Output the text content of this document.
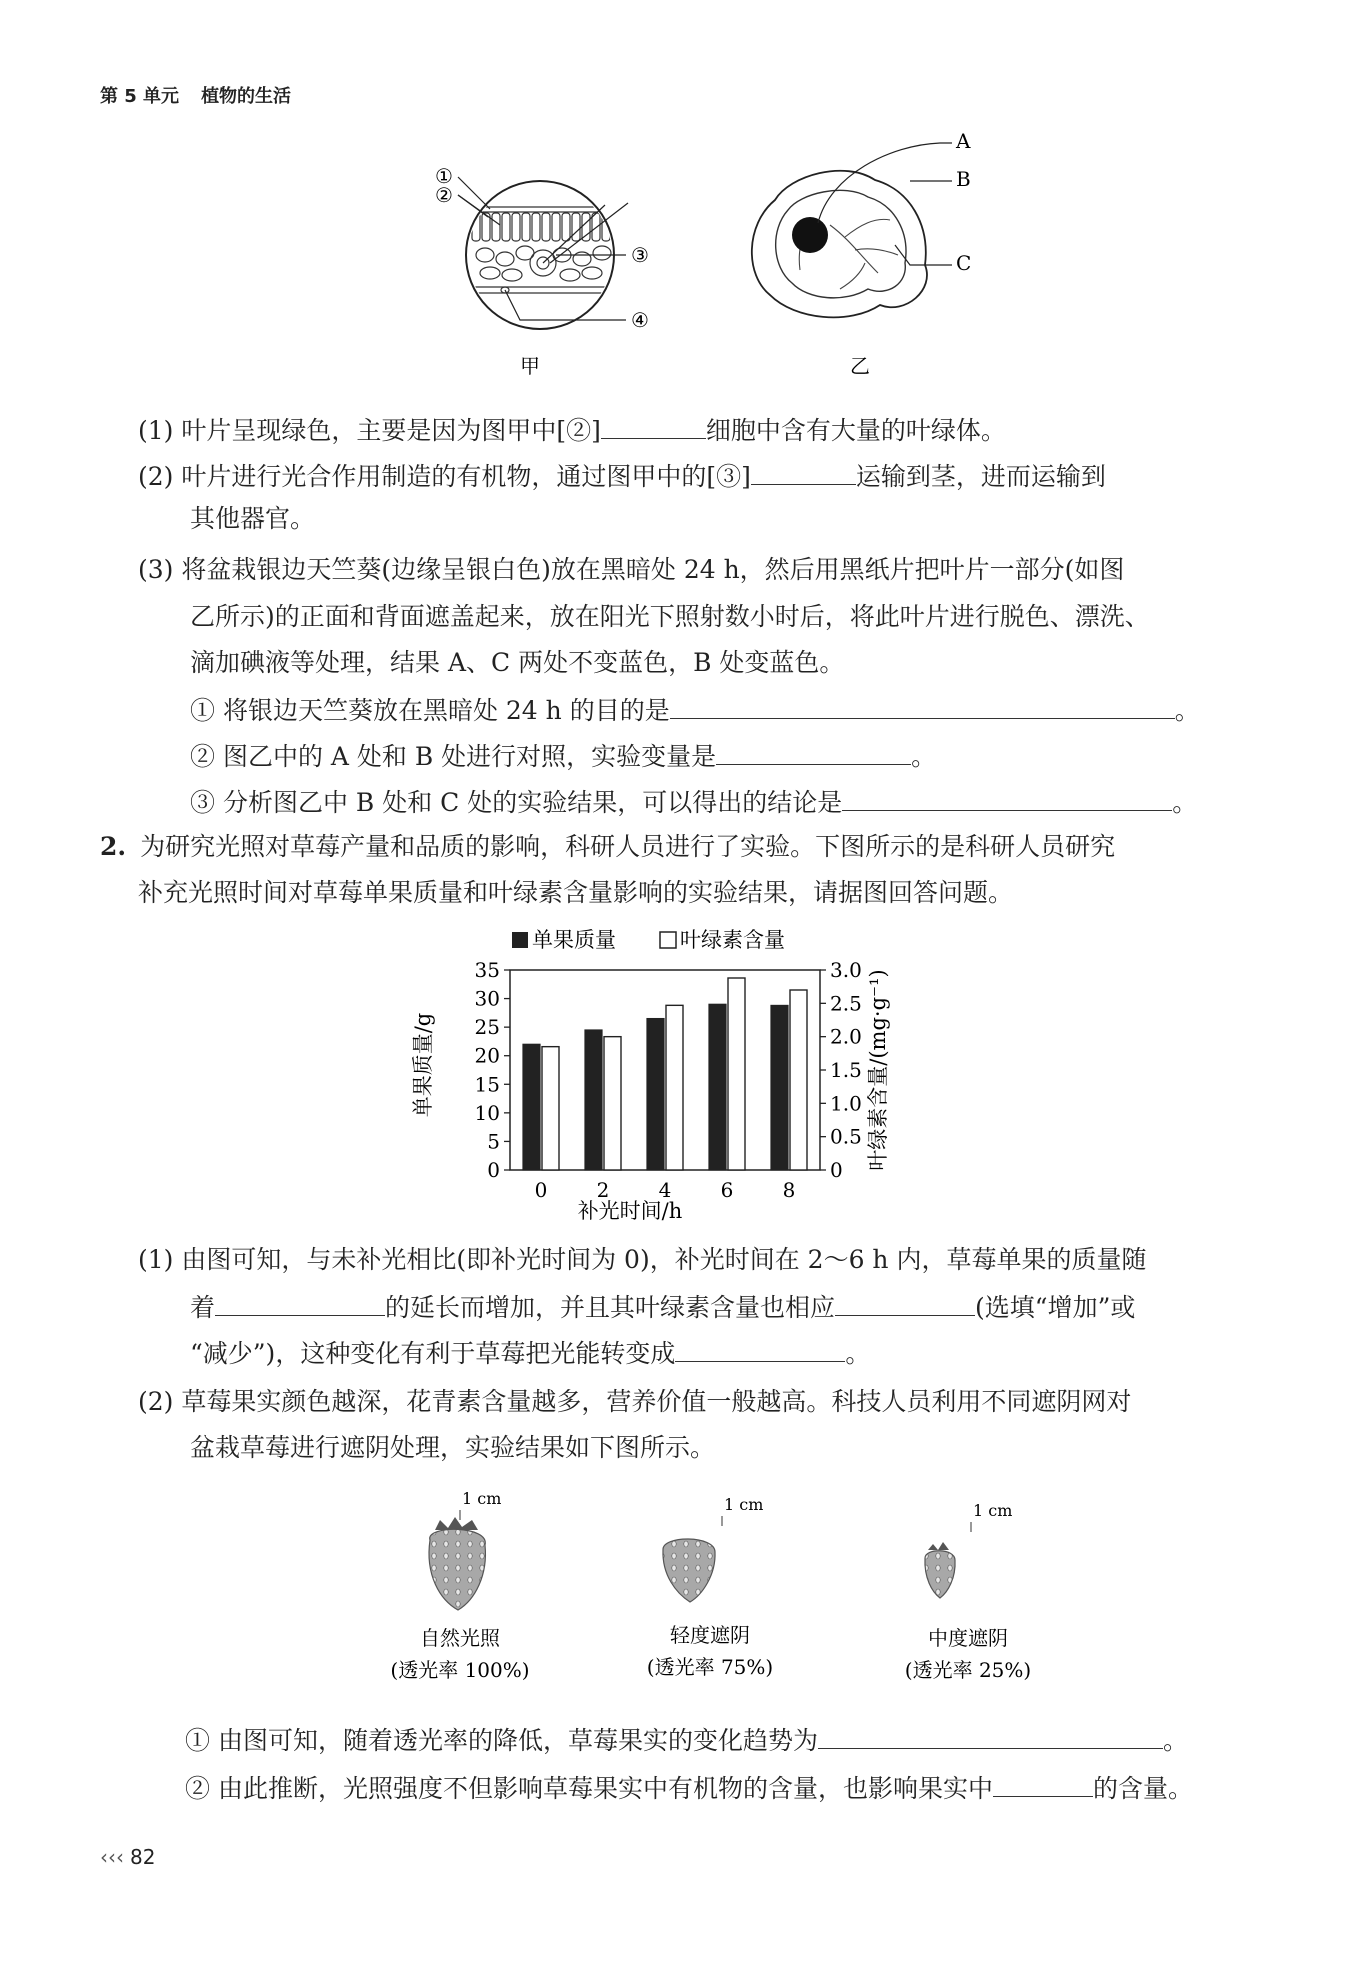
第 5 单元 植物的生活
①
②
③
④
甲
A
B
C
乙
(1) 叶片呈现绿色，主要是因为图甲中[②]	细胞中含有大量的叶绿体。
(2) 叶片进行光合作用制造的有机物，通过图甲中的[③]	运输到茎，进而运输到
其他器官。
(3) 将盆栽银边天竺葵(边缘呈银白色)放在黑暗处 24 h，然后用黑纸片把叶片一部分(如图
乙所示)的正面和背面遮盖起来，放在阳光下照射数小时后，将此叶片进行脱色、漂洗、
滴加碘液等处理，结果 A、C 两处不变蓝色，B 处变蓝色。
① 将银边天竺葵放在黑暗处 24 h 的目的是	。
② 图乙中的 A 处和 B 处进行对照，实验变量是	。
③ 分析图乙中 B 处和 C 处的实验结果，可以得出的结论是	。
2. 为研究光照对草莓产量和品质的影响，科研人员进行了实验。下图所示的是科研人员研究
补充光照时间对草莓单果质量和叶绿素含量影响的实验结果，请据图回答问题。
单果质量	叶绿素含量
0
5
10
15
20
25
30
35
0
0.5
1.0
1.5
2.0
2.5
3.0
0 2 4 6 8
补光时间/h
单果质量/g	叶绿素含量/(mg·g⁻¹)
(1) 由图可知，与未补光相比(即补光时间为 0)，补光时间在 2～6 h 内，草莓单果的质量随
着	的延长而增加，并且其叶绿素含量也相应	(选填“增加”或
“减少”)，这种变化有利于草莓把光能转变成	。
(2) 草莓果实颜色越深，花青素含量越多，营养价值一般越高。科技人员利用不同遮阴网对
盆栽草莓进行遮阴处理，实验结果如下图所示。
1 cm	1 cm	1 cm
自然光照
(透光率 100%)
轻度遮阴
(透光率 75%)
中度遮阴
(透光率 25%)
① 由图可知，随着透光率的降低，草莓果实的变化趋势为	。
② 由此推断，光照强度不但影响草莓果实中有机物的含量，也影响果实中	的含量。
‹‹‹ 82
